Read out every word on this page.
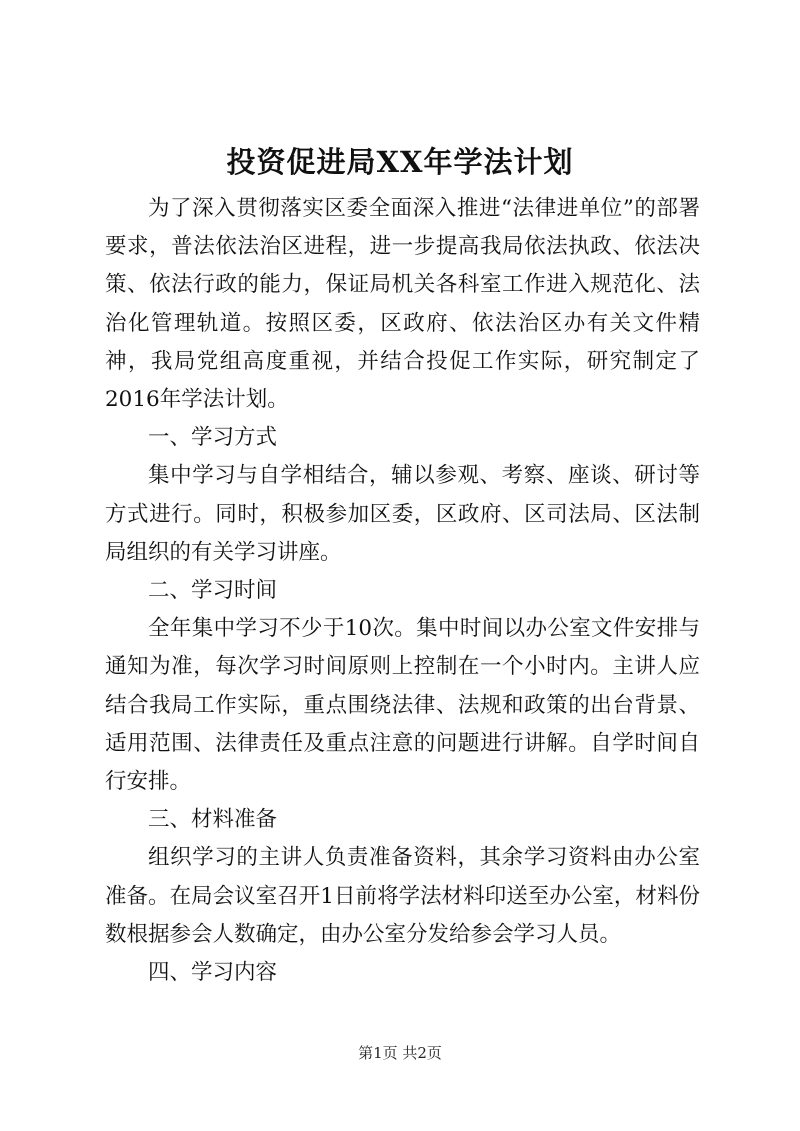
投资促进局XX年学法计划

为了深入贯彻落实区委全面深入推进“法律进单位”的部署要求，普法依法治区进程，进一步提高我局依法执政、依法决策、依法行政的能力，保证局机关各科室工作进入规范化、法治化管理轨道。按照区委，区政府、依法治区办有关文件精神，我局党组高度重视，并结合投促工作实际，研究制定了2016年学法计划。

一、学习方式

集中学习与自学相结合，辅以参观、考察、座谈、研讨等方式进行。同时，积极参加区委，区政府、区司法局、区法制局组织的有关学习讲座。

二、学习时间

全年集中学习不少于10次。集中时间以办公室文件安排与通知为准，每次学习时间原则上控制在一个小时内。主讲人应结合我局工作实际，重点围绕法律、法规和政策的出台背景、适用范围、法律责任及重点注意的问题进行讲解。自学时间自行安排。

三、材料准备

组织学习的主讲人负责准备资料，其余学习资料由办公室准备。在局会议室召开1日前将学法材料印送至办公室，材料份数根据参会人数确定，由办公室分发给参会学习人员。

四、学习内容

第1页 共2页
